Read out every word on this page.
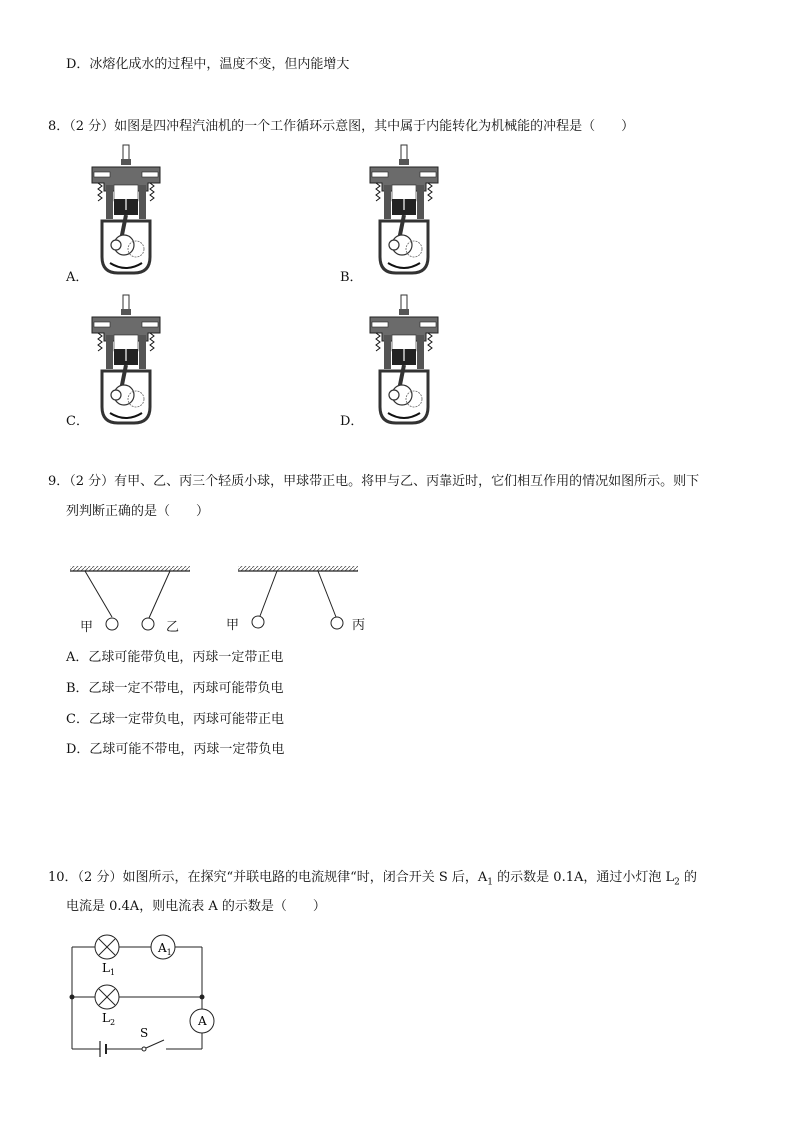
D．冰熔化成水的过程中，温度不变，但内能增大
8．（2 分）如图是四冲程汽油机的一个工作循环示意图，其中属于内能转化为机械能的冲程是（　　）
A．	B．
C．	D．
9．（2 分）有甲、乙、丙三个轻质小球，甲球带正电。将甲与乙、丙靠近时，它们相互作用的情况如图所示。则下
列判断正确的是（　　）
甲	乙	甲	丙
A．乙球可能带负电，丙球一定带正电
B．乙球一定不带电，丙球可能带负电
C．乙球一定带负电，丙球可能带正电
D．乙球可能不带电，丙球一定带负电
10．（2 分）如图所示，在探究“并联电路的电流规律“时，闭合开关 S 后，$A_1$ 的示数是 0.1A，通过小灯泡 $L_2$ 的
电流是 0.4A，则电流表 A 的示数是（　　）
$A_1$
A
$L_1$
$L_2$
S
